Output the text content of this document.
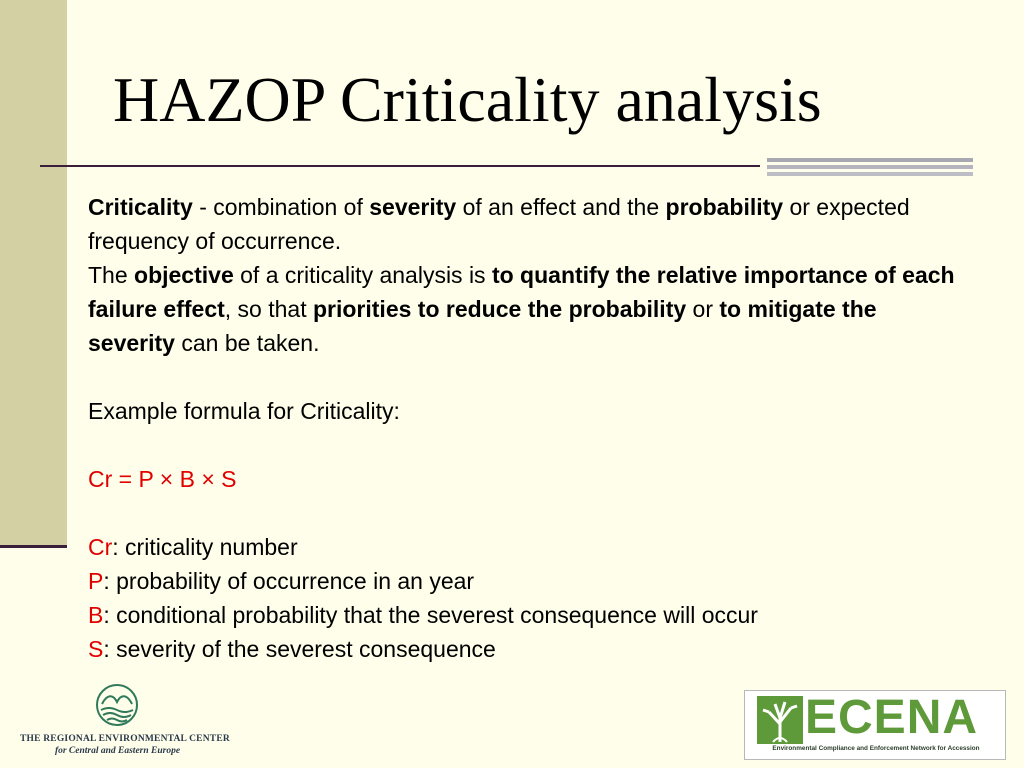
HAZOP Criticality analysis

Criticality - combination of severity of an effect and the probability or expected frequency of occurrence.

The objective of a criticality analysis is to quantify the relative importance of each failure effect, so that priorities to reduce the probability or to mitigate the severity can be taken.

Example formula for Criticality:

Cr = P × B × S

Cr: criticality number

P: probability of occurrence in an year

B: conditional probability that the severest consequence will occur

S: severity of the severest consequence

THE REGIONAL ENVIRONMENTAL CENTER
for Central and Eastern Europe
ECENA
Environmental Compliance and Enforcement Network for Accession
